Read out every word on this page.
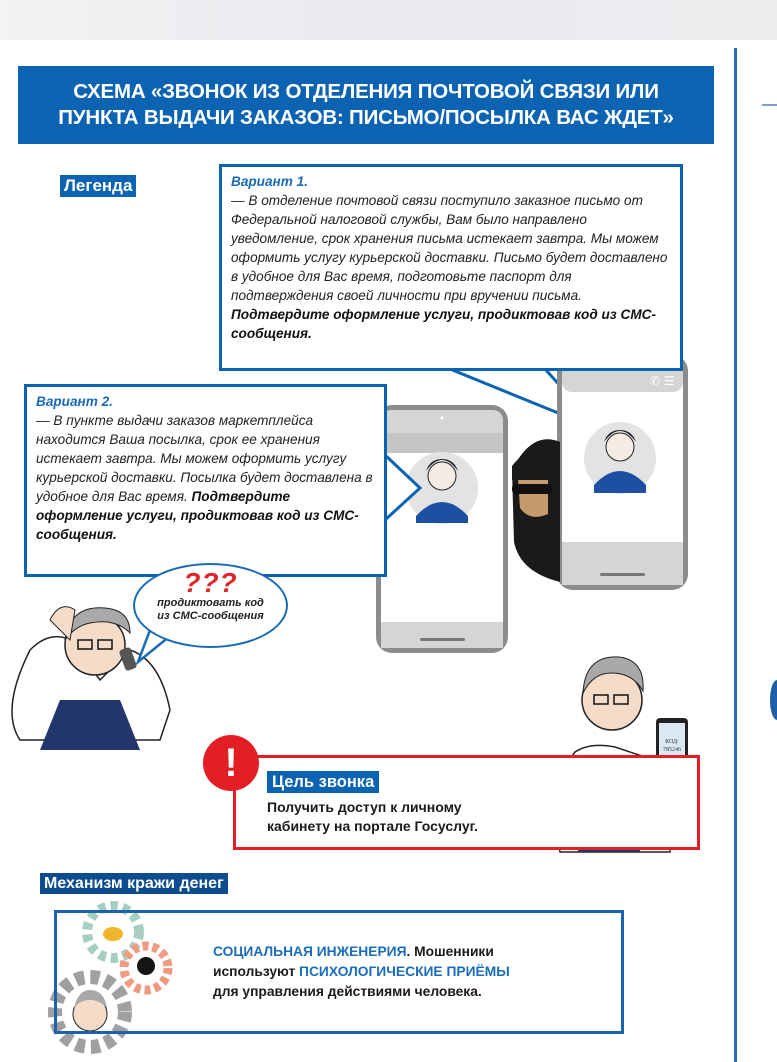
СХЕМА «ЗВОНОК ИЗ ОТДЕЛЕНИЯ ПОЧТОВОЙ СВЯЗИ ИЛИ
ПУНКТА ВЫДАЧИ ЗАКАЗОВ: ПИСЬМО/ПОСЫЛКА ВАС ЖДЕТ»
Легенда
✆ ☰
КОД:
785246
Вариант 1.
— В отделение почтовой связи поступило заказное письмо от Федеральной налоговой службы, Вам было направлено уведомление, срок хранения письма истекает завтра. Мы можем оформить услугу курьерской доставки. Письмо будет доставлено в удобное для Вас время, подготовьте паспорт для подтверждения своей личности при вручении письма. Подтвердите оформление услуги, продиктовав код из СМС-сообщения.
Вариант 2.
— В пункте выдачи заказов маркетплейса находится Ваша посылка, срок ее хранения истекает завтра. Мы можем оформить услугу курьерской доставки. Посылка будет доставлена в удобное для Вас время. Подтвердите оформление услуги, продиктовав код из СМС-сообщения.
???
продиктовать код
из СМС-сообщения
!	Цель звонка
Получить доступ к личному
кабинету на портале Госуслуг.
Механизм кражи денег
СОЦИАЛЬНАЯ ИНЖЕНЕРИЯ. Мошенники
используют ПСИХОЛОГИЧЕСКИЕ ПРИЁМЫ
для управления действиями человека.
